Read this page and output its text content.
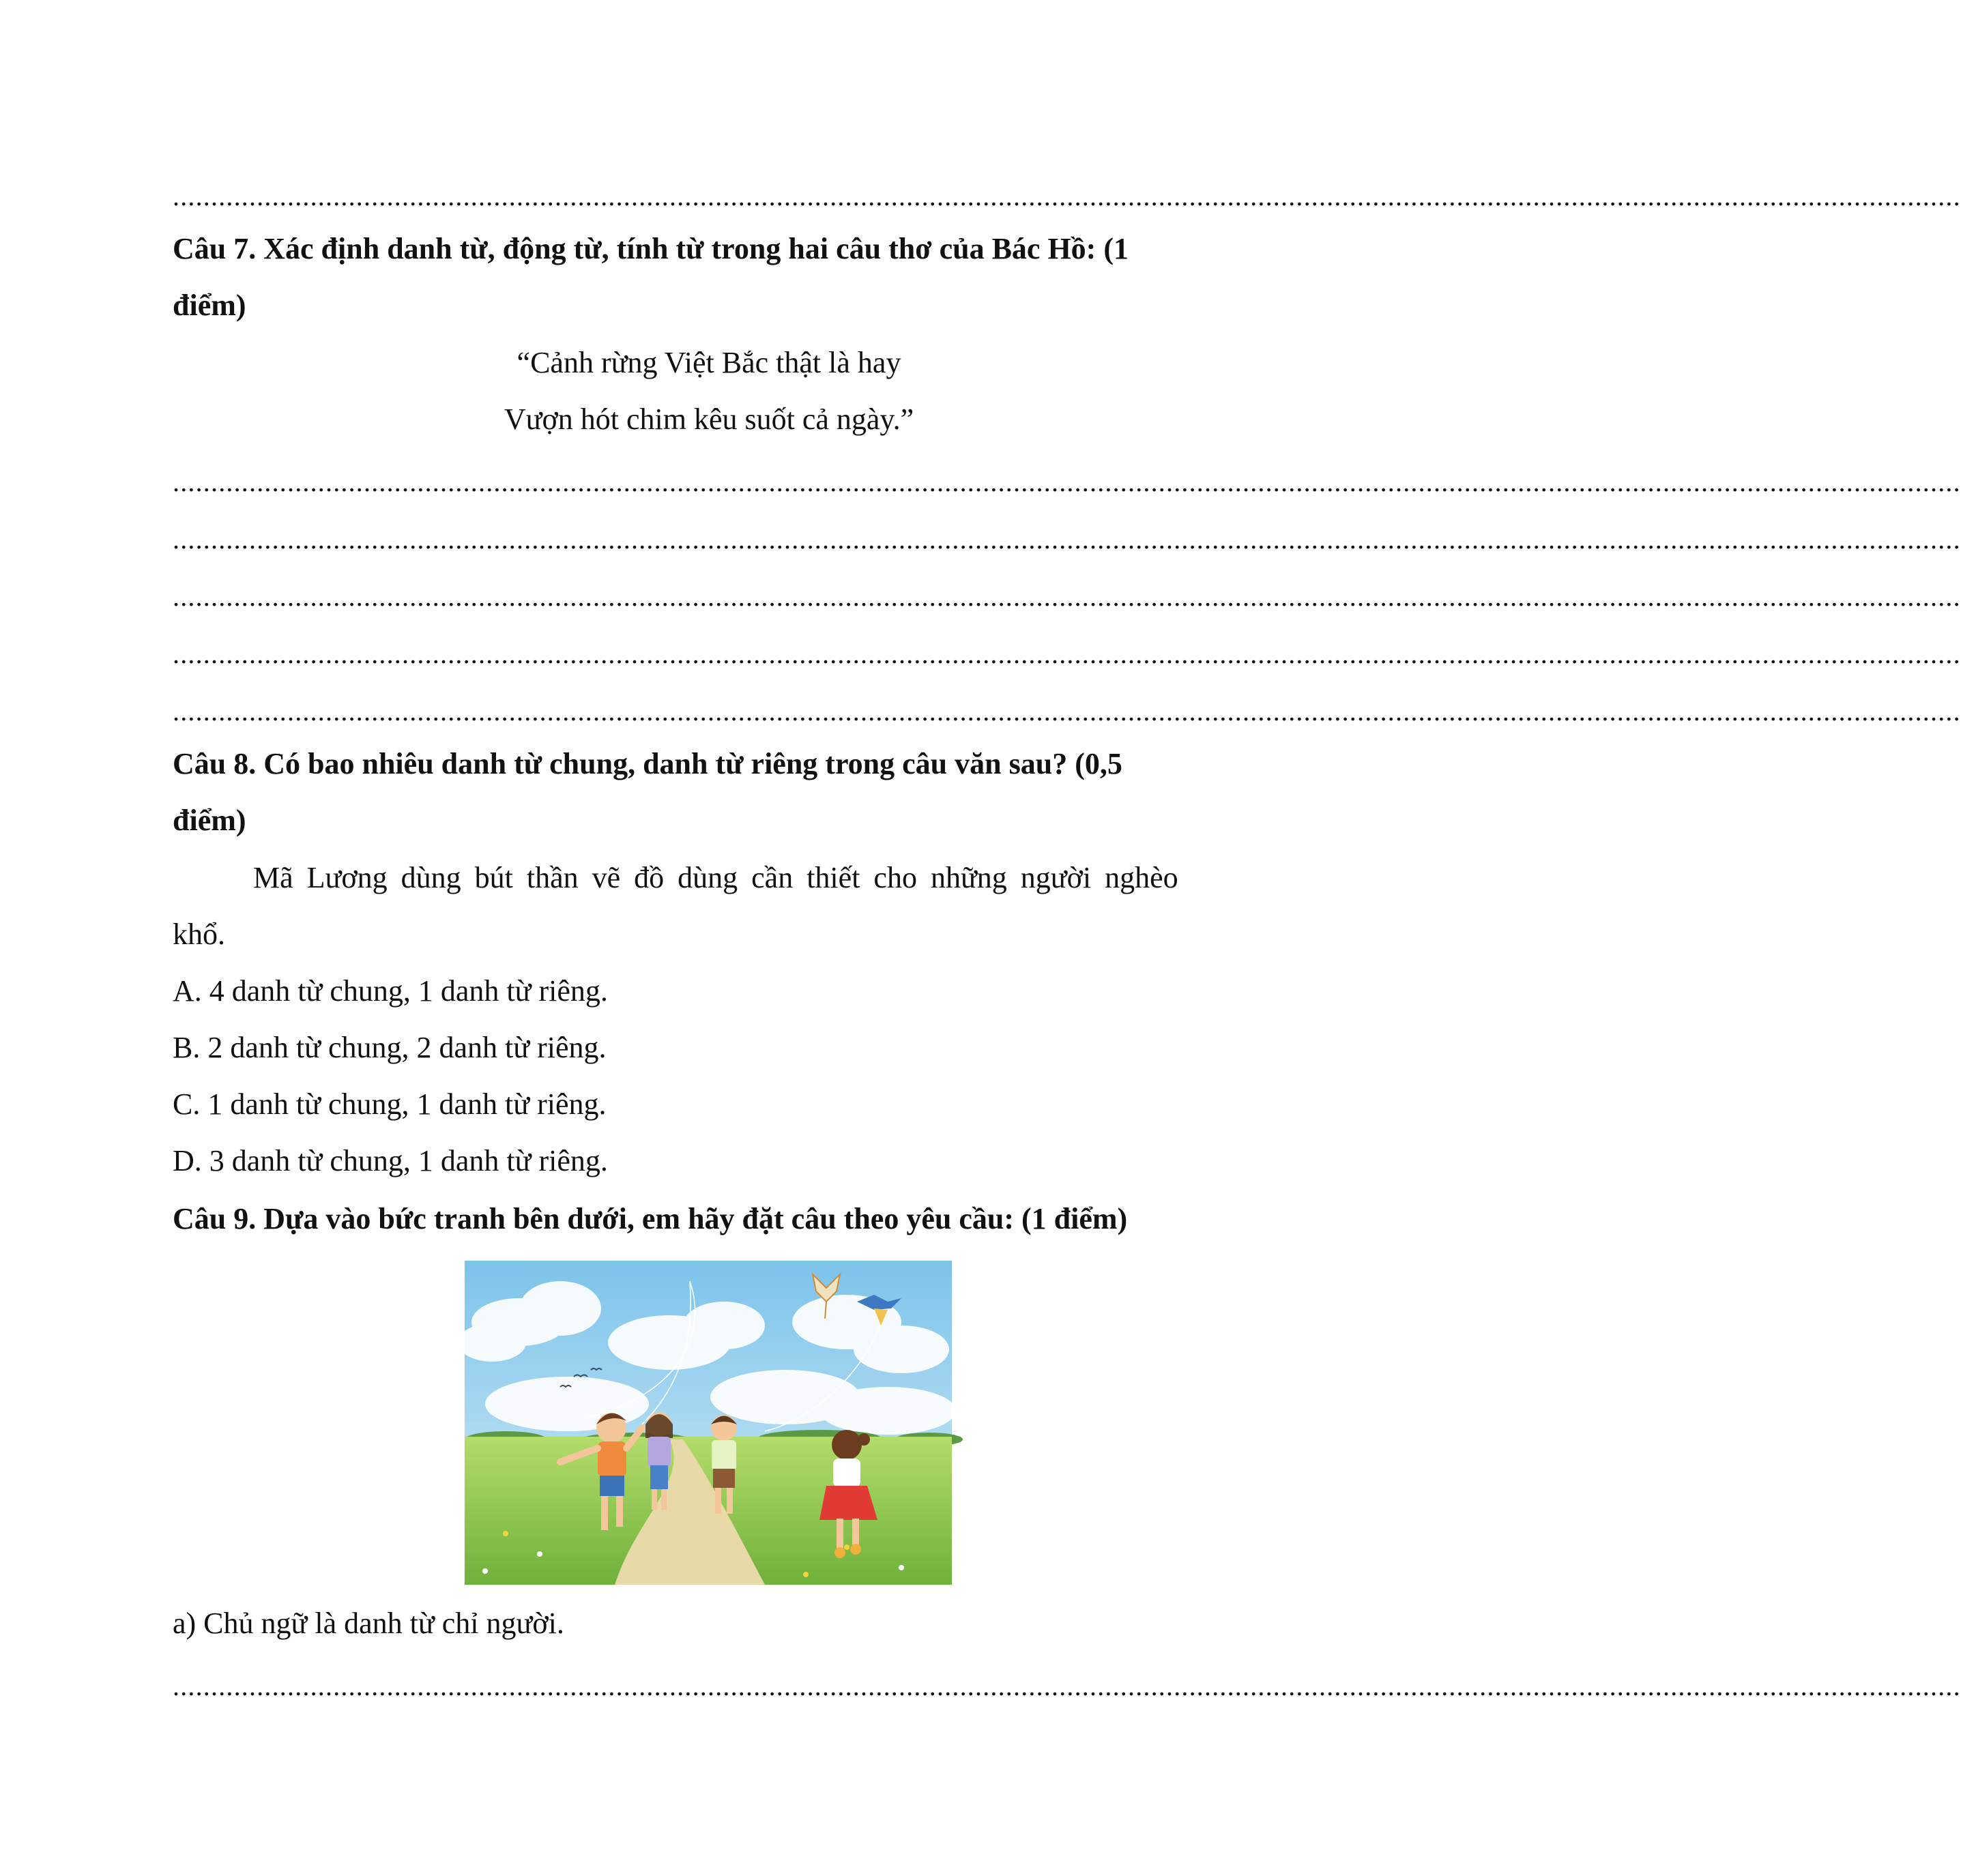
..........................................................................................................................................................................................................................................
Câu 7. Xác định danh từ, động từ, tính từ trong hai câu thơ của Bác Hồ: (1
điểm)
“Cảnh rừng Việt Bắc thật là hay
Vượn hót chim kêu suốt cả ngày.”
..........................................................................................................................................................................................................................................
..........................................................................................................................................................................................................................................
..........................................................................................................................................................................................................................................
..........................................................................................................................................................................................................................................
..........................................................................................................................................................................................................................................
Câu 8. Có bao nhiêu danh từ chung, danh từ riêng trong câu văn sau? (0,5
điểm)
Mã Lương dùng bút thần vẽ đồ dùng cần thiết cho những người nghèo
khổ.
A. 4 danh từ chung, 1 danh từ riêng.
B. 2 danh từ chung, 2 danh từ riêng.
C. 1 danh từ chung, 1 danh từ riêng.
D. 3 danh từ chung, 1 danh từ riêng.
Câu 9. Dựa vào bức tranh bên dưới, em hãy đặt câu theo yêu cầu: (1 điểm)
a) Chủ ngữ là danh từ chỉ người.
..........................................................................................................................................................................................................................................
